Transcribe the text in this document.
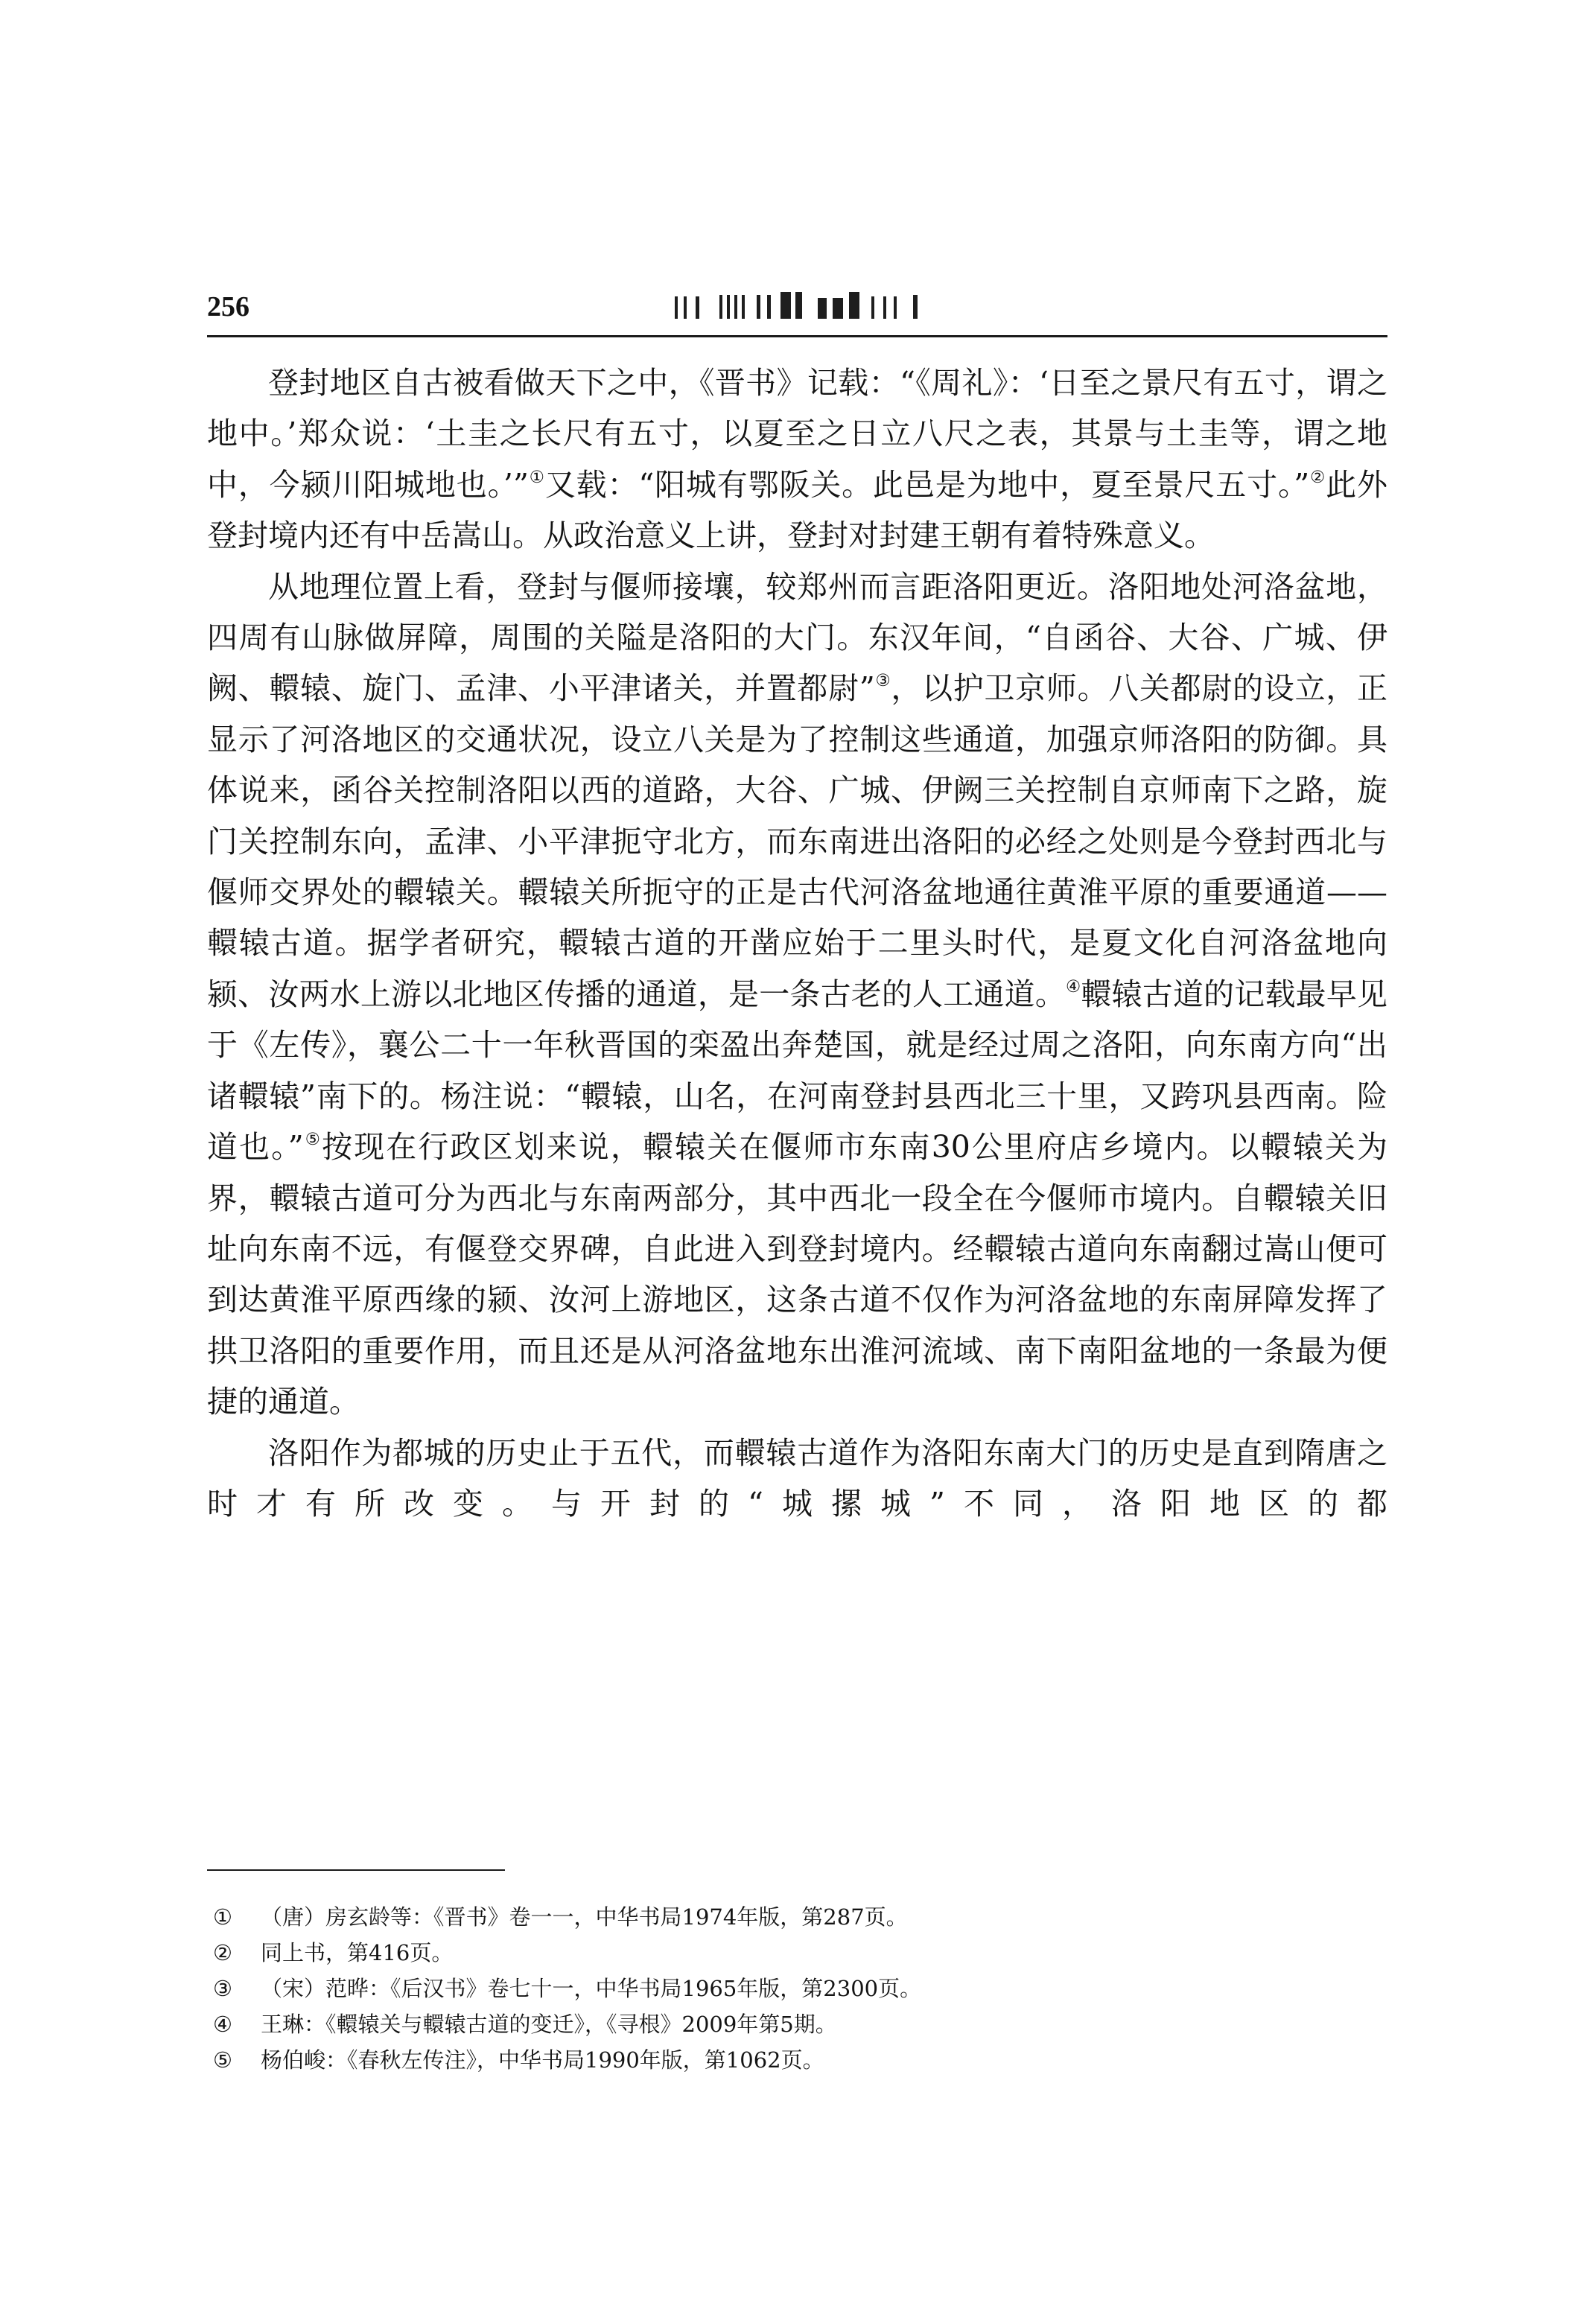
256

登封地区自古被看做天下之中，《晋书》记载：“《周礼》：‘日至之景尺有五寸，谓之地中。’郑众说：‘土圭之长尺有五寸，以夏至之日立八尺之表，其景与土圭等，谓之地中，今颍川阳城地也。’”①又载：“阳城有鄂阪关。此邑是为地中，夏至景尺五寸。”②此外登封境内还有中岳嵩山。从政治意义上讲，登封对封建王朝有着特殊意义。

从地理位置上看，登封与偃师接壤，较郑州而言距洛阳更近。洛阳地处河洛盆地，四周有山脉做屏障，周围的关隘是洛阳的大门。东汉年间，“自函谷、大谷、广城、伊阙、轘辕、旋门、孟津、小平津诸关，并置都尉”③，以护卫京师。八关都尉的设立，正显示了河洛地区的交通状况，设立八关是为了控制这些通道，加强京师洛阳的防御。具体说来，函谷关控制洛阳以西的道路，大谷、广城、伊阙三关控制自京师南下之路，旋门关控制东向，孟津、小平津扼守北方，而东南进出洛阳的必经之处则是今登封西北与偃师交界处的轘辕关。轘辕关所扼守的正是古代河洛盆地通往黄淮平原的重要通道——轘辕古道。据学者研究，轘辕古道的开凿应始于二里头时代，是夏文化自河洛盆地向颍、汝两水上游以北地区传播的通道，是一条古老的人工通道。④轘辕古道的记载最早见于《左传》，襄公二十一年秋晋国的栾盈出奔楚国，就是经过周之洛阳，向东南方向“出诸轘辕”南下的。杨注说：“轘辕，山名，在河南登封县西北三十里，又跨巩县西南。险道也。”⑤按现在行政区划来说，轘辕关在偃师市东南30公里府店乡境内。以轘辕关为界，轘辕古道可分为西北与东南两部分，其中西北一段全在今偃师市境内。自轘辕关旧址向东南不远，有偃登交界碑，自此进入到登封境内。经轘辕古道向东南翻过嵩山便可到达黄淮平原西缘的颍、汝河上游地区，这条古道不仅作为河洛盆地的东南屏障发挥了拱卫洛阳的重要作用，而且还是从河洛盆地东出淮河流域、南下南阳盆地的一条最为便捷的通道。

洛阳作为都城的历史止于五代，而轘辕古道作为洛阳东南大门的历史是直到隋唐之时才有所改变。与开封的“城摞城”不同，洛阳地区的都

① （唐）房玄龄等：《晋书》卷一一，中华书局1974年版，第287页。
② 同上书，第416页。
③ （宋）范晔：《后汉书》卷七十一，中华书局1965年版，第2300页。
④ 王琳：《轘辕关与轘辕古道的变迁》，《寻根》2009年第5期。
⑤ 杨伯峻：《春秋左传注》，中华书局1990年版，第1062页。
